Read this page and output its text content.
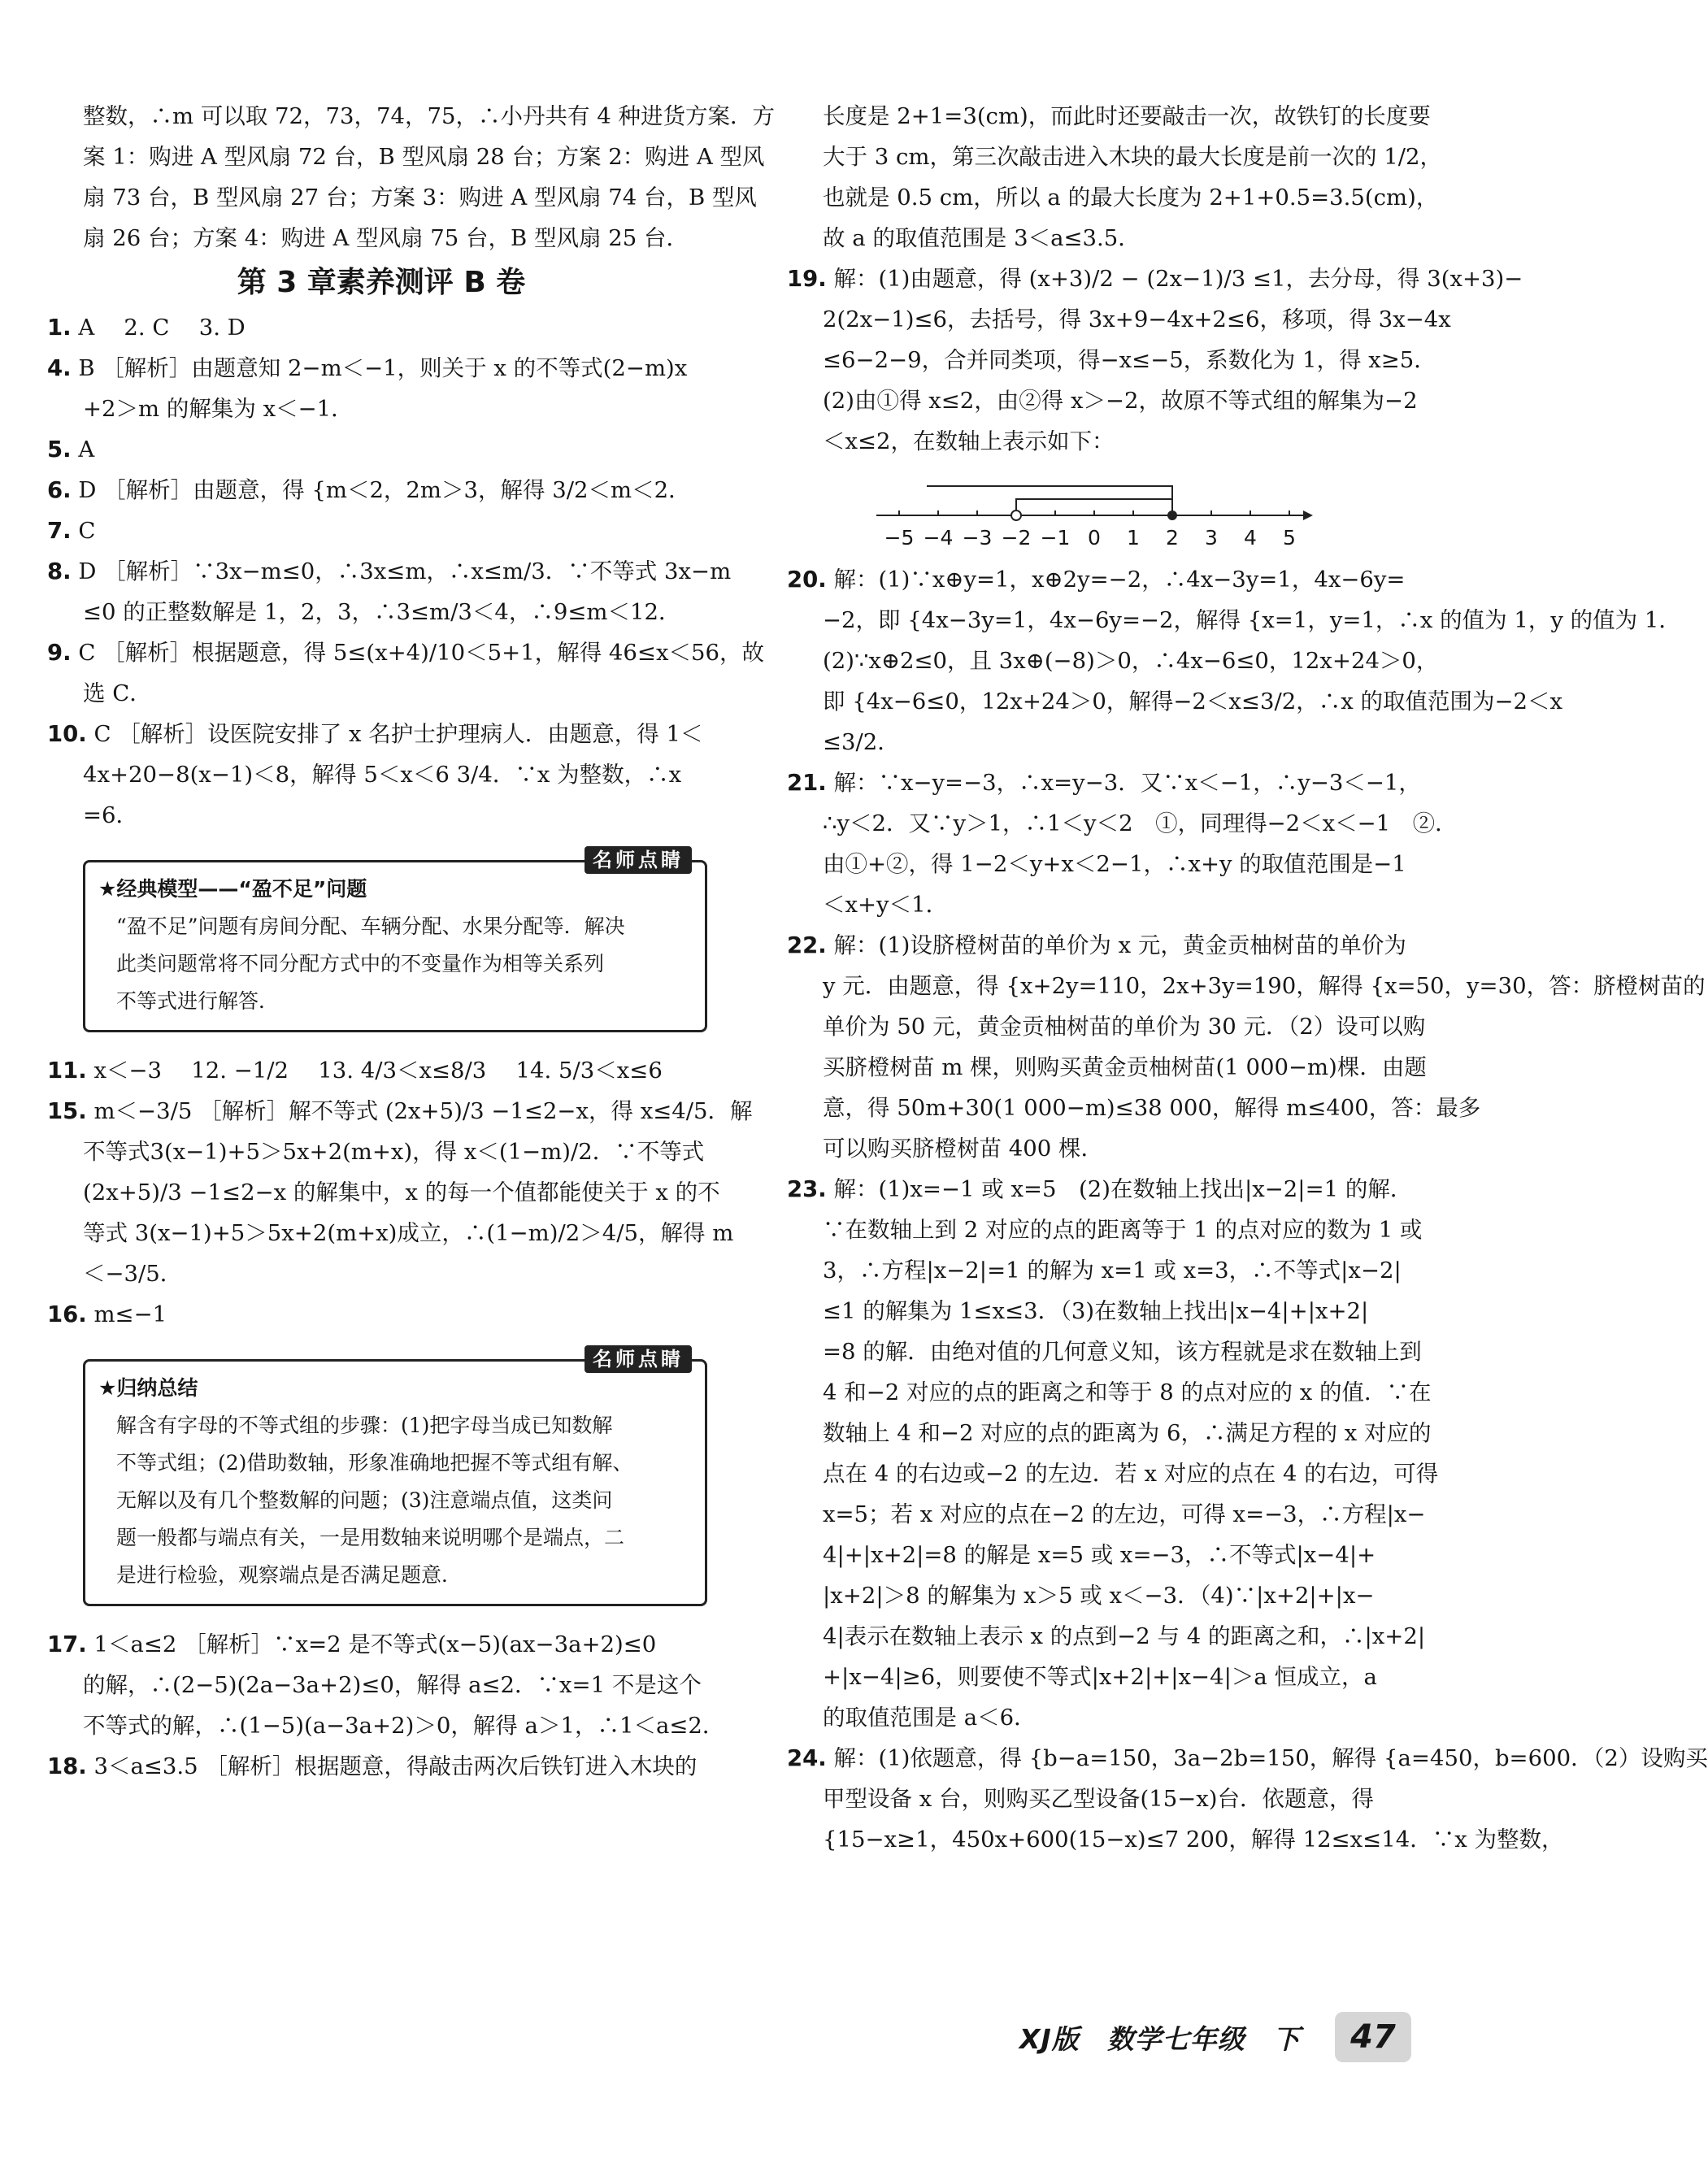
整数，∴m 可以取 72，73，74，75，∴小丹共有 4 种进货方案．方

案 1：购进 A 型风扇 72 台，B 型风扇 28 台；方案 2：购进 A 型风

扇 73 台，B 型风扇 27 台；方案 3：购进 A 型风扇 74 台，B 型风

扇 26 台；方案 4：购进 A 型风扇 75 台，B 型风扇 25 台．

第 3 章素养测评 B 卷

1. A　 2. C　 3. D

4. B ［解析］由题意知 2−m＜−1，则关于 x 的不等式(2−m)x

+2＞m 的解集为 x＜−1．

5. A

6. D ［解析］由题意，得 {m＜2，2m＞3，解得 3/2＜m＜2．

7. C

8. D ［解析］∵3x−m≤0，∴3x≤m，∴x≤m/3．∵不等式 3x−m

≤0 的正整数解是 1，2，3，∴3≤m/3＜4，∴9≤m＜12．

9. C ［解析］根据题意，得 5≤(x+4)/10＜5+1，解得 46≤x＜56，故

选 C．

10. C ［解析］设医院安排了 x 名护士护理病人．由题意，得 1＜

4x+20−8(x−1)＜8，解得 5＜x＜6 3/4．∵x 为整数，∴x

=6．

名师点睛
★经典模型——“盈不足”问题
“盈不足”问题有房间分配、车辆分配、水果分配等．解决
此类问题常将不同分配方式中的不变量作为相等关系列
不等式进行解答．

11. x＜−3　 12. −1/2　 13. 4/3＜x≤8/3　 14. 5/3＜x≤6

15. m＜−3/5 ［解析］解不等式 (2x+5)/3 −1≤2−x，得 x≤4/5．解

不等式3(x−1)+5＞5x+2(m+x)，得 x＜(1−m)/2．∵不等式

(2x+5)/3 −1≤2−x 的解集中，x 的每一个值都能使关于 x 的不

等式 3(x−1)+5＞5x+2(m+x)成立，∴(1−m)/2＞4/5，解得 m

＜−3/5．

16. m≤−1

名师点睛
★归纳总结
解含有字母的不等式组的步骤：(1)把字母当成已知数解
不等式组；(2)借助数轴，形象准确地把握不等式组有解、
无解以及有几个整数解的问题；(3)注意端点值，这类问
题一般都与端点有关，一是用数轴来说明哪个是端点，二
是进行检验，观察端点是否满足题意．

17. 1＜a≤2 ［解析］∵x=2 是不等式(x−5)(ax−3a+2)≤0

的解，∴(2−5)(2a−3a+2)≤0，解得 a≤2．∵x=1 不是这个

不等式的解，∴(1−5)(a−3a+2)＞0，解得 a＞1，∴1＜a≤2．

18. 3＜a≤3.5 ［解析］根据题意，得敲击两次后铁钉进入木块的

长度是 2+1=3(cm)，而此时还要敲击一次，故铁钉的长度要

大于 3 cm，第三次敲击进入木块的最大长度是前一次的 1/2，

也就是 0.5 cm，所以 a 的最大长度为 2+1+0.5=3.5(cm)，

故 a 的取值范围是 3＜a≤3.5．

19. 解：(1)由题意，得 (x+3)/2 − (2x−1)/3 ≤1，去分母，得 3(x+3)−

2(2x−1)≤6，去括号，得 3x+9−4x+2≤6，移项，得 3x−4x

≤6−2−9，合并同类项，得−x≤−5，系数化为 1，得 x≥5．

(2)由①得 x≤2，由②得 x＞−2，故原不等式组的解集为−2

＜x≤2，在数轴上表示如下：

−5 −4 −3 −2 −1 0 1 2 3 4 5

20. 解：(1)∵x⊕y=1，x⊕2y=−2，∴4x−3y=1，4x−6y=

−2，即 {4x−3y=1，4x−6y=−2，解得 {x=1，y=1，∴x 的值为 1，y 的值为 1．

(2)∵x⊕2≤0，且 3x⊕(−8)＞0，∴4x−6≤0，12x+24＞0，

即 {4x−6≤0，12x+24＞0，解得−2＜x≤3/2，∴x 的取值范围为−2＜x

≤3/2．

21. 解：∵x−y=−3，∴x=y−3．又∵x＜−1，∴y−3＜−1，

∴y＜2．又∵y＞1，∴1＜y＜2　①，同理得−2＜x＜−1　②．

由①+②，得 1−2＜y+x＜2−1，∴x+y 的取值范围是−1

＜x+y＜1．

22. 解：(1)设脐橙树苗的单价为 x 元，黄金贡柚树苗的单价为

y 元．由题意，得 {x+2y=110，2x+3y=190，解得 {x=50，y=30，答：脐橙树苗的

单价为 50 元，黄金贡柚树苗的单价为 30 元．（2）设可以购

买脐橙树苗 m 棵，则购买黄金贡柚树苗(1 000−m)棵．由题

意，得 50m+30(1 000−m)≤38 000，解得 m≤400，答：最多

可以购买脐橙树苗 400 棵．

23. 解：(1)x=−1 或 x=5　(2)在数轴上找出|x−2|=1 的解．

∵在数轴上到 2 对应的点的距离等于 1 的点对应的数为 1 或

3，∴方程|x−2|=1 的解为 x=1 或 x=3，∴不等式|x−2|

≤1 的解集为 1≤x≤3．（3)在数轴上找出|x−4|+|x+2|

=8 的解．由绝对值的几何意义知，该方程就是求在数轴上到

4 和−2 对应的点的距离之和等于 8 的点对应的 x 的值．∵在

数轴上 4 和−2 对应的点的距离为 6，∴满足方程的 x 对应的

点在 4 的右边或−2 的左边．若 x 对应的点在 4 的右边，可得

x=5；若 x 对应的点在−2 的左边，可得 x=−3，∴方程|x−

4|+|x+2|=8 的解是 x=5 或 x=−3，∴不等式|x−4|+

|x+2|＞8 的解集为 x＞5 或 x＜−3．（4)∵|x+2|+|x−

4|表示在数轴上表示 x 的点到−2 与 4 的距离之和，∴|x+2|

+|x−4|≥6，则要使不等式|x+2|+|x−4|＞a 恒成立，a

的取值范围是 a＜6．

24. 解：(1)依题意，得 {b−a=150，3a−2b=150，解得 {a=450，b=600．（2）设购买

甲型设备 x 台，则购买乙型设备(15−x)台．依题意，得

{15−x≥1，450x+600(15−x)≤7 200，解得 12≤x≤14．∵x 为整数，

XJ版　数学七年级　下	47
